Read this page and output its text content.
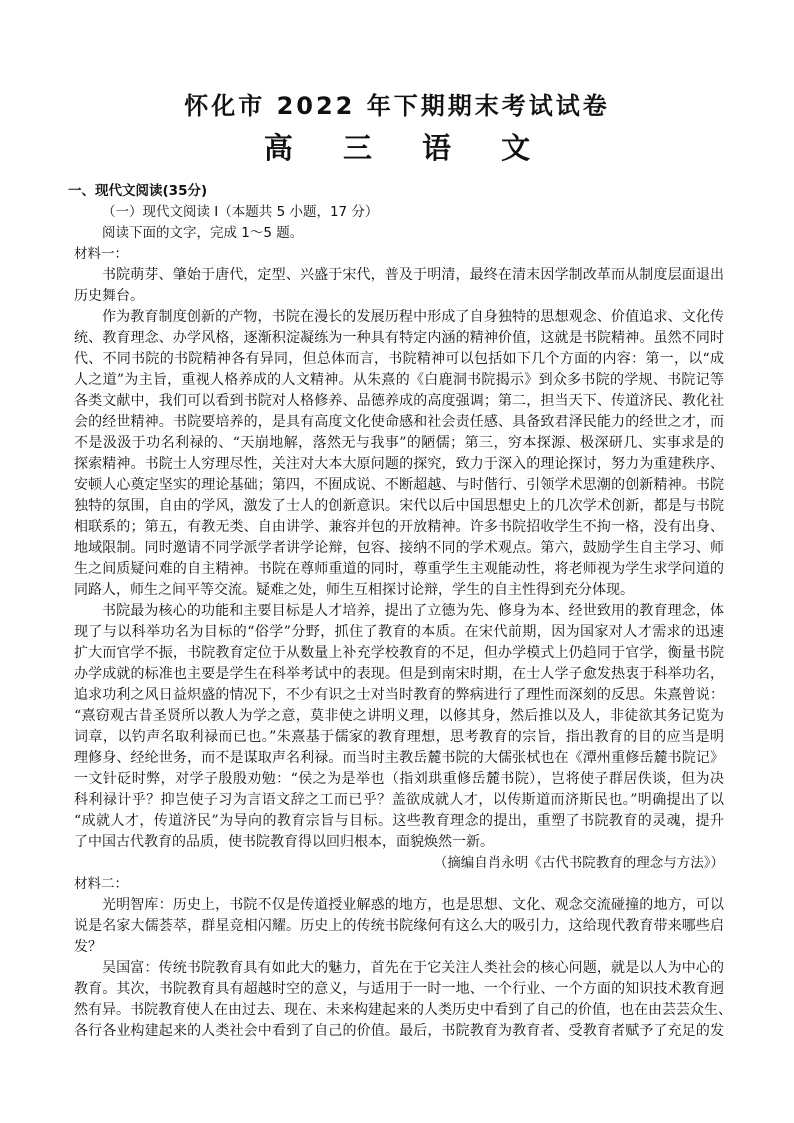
怀化市 2022 年下期期末考试试卷
高 三 语 文
一、现代文阅读(35分)
（一）现代文阅读 I（本题共 5 小题，17 分）
阅读下面的文字，完成 1～5 题。
材料一：
书院萌芽、肇始于唐代，定型、兴盛于宋代，普及于明清，最终在清末因学制改革而从制度层面退出
历史舞台。
作为教育制度创新的产物，书院在漫长的发展历程中形成了自身独特的思想观念、价值追求、文化传
统、教育理念、办学风格，逐渐积淀凝练为一种具有特定内涵的精神价值，这就是书院精神。虽然不同时
代、不同书院的书院精神各有异同，但总体而言，书院精神可以包括如下几个方面的内容：第一，以“成
人之道”为主旨，重视人格养成的人文精神。从朱熹的《白鹿洞书院揭示》到众多书院的学规、书院记等
各类文献中，我们可以看到书院对人格修养、品德养成的高度强调；第二，担当天下、传道济民、教化社
会的经世精神。书院要培养的，是具有高度文化使命感和社会责任感、具备致君泽民能力的经世之才，而
不是汲汲于功名利禄的、“天崩地解，落然无与我事”的陋儒；第三，穷本探源、极深研几、实事求是的
探索精神。书院士人穷理尽性，关注对大本大原问题的探究，致力于深入的理论探讨，努力为重建秩序、
安顿人心奠定坚实的理论基础；第四，不囿成说、不断超越、与时偕行、引领学术思潮的创新精神。书院
独特的氛围，自由的学风，激发了士人的创新意识。宋代以后中国思想史上的几次学术创新，都是与书院
相联系的；第五，有教无类、自由讲学、兼容并包的开放精神。许多书院招收学生不拘一格，没有出身、
地域限制。同时邀请不同学派学者讲学论辩，包容、接纳不同的学术观点。第六，鼓励学生自主学习、师
生之间质疑问难的自主精神。书院在尊师重道的同时，尊重学生主观能动性，将老师视为学生求学问道的
同路人，师生之间平等交流。疑难之处，师生互相探讨论辩，学生的自主性得到充分体现。
书院最为核心的功能和主要目标是人才培养，提出了立德为先、修身为本、经世致用的教育理念，体
现了与以科举功名为目标的“俗学”分野，抓住了教育的本质。在宋代前期，因为国家对人才需求的迅速
扩大而官学不振，书院教育定位于从数量上补充学校教育的不足，但办学模式上仍趋同于官学，衡量书院
办学成就的标准也主要是学生在科举考试中的表现。但是到南宋时期，在士人学子愈发热衷于科举功名，
追求功利之风日益炽盛的情况下，不少有识之士对当时教育的弊病进行了理性而深刻的反思。朱熹曾说：
“熹窃观古昔圣贤所以教人为学之意，莫非使之讲明义理，以修其身，然后推以及人，非徒欲其务记览为
词章，以钓声名取利禄而已也。”朱熹基于儒家的教育理想，思考教育的宗旨，指出教育的目的应当是明
理修身、经纶世务，而不是谋取声名利禄。而当时主教岳麓书院的大儒张栻也在《潭州重修岳麓书院记》
一文针砭时弊，对学子殷殷劝勉：“侯之为是举也（指刘珙重修岳麓书院），岂将使子群居佚谈，但为决
科利禄计乎？抑岂使子习为言语文辞之工而已乎？盖欲成就人才，以传斯道而济斯民也。”明确提出了以
“成就人才，传道济民”为导向的教育宗旨与目标。这些教育理念的提出，重塑了书院教育的灵魂，提升
了中国古代教育的品质，使书院教育得以回归根本，面貌焕然一新。
（摘编自肖永明《古代书院教育的理念与方法》）
材料二：
光明智库：历史上，书院不仅是传道授业解惑的地方，也是思想、文化、观念交流碰撞的地方，可以
说是名家大儒荟萃，群星竞相闪耀。历史上的传统书院缘何有这么大的吸引力，这给现代教育带来哪些启
发？
吴国富：传统书院教育具有如此大的魅力，首先在于它关注人类社会的核心问题，就是以人为中心的
教育。其次，书院教育具有超越时空的意义，与适用于一时一地、一个行业、一个方面的知识技术教育迥
然有异。书院教育使人在由过去、现在、未来构建起来的人类历史中看到了自己的价值，也在由芸芸众生、
各行各业构建起来的人类社会中看到了自己的价值。最后，书院教育为教育者、受教育者赋予了充足的发
